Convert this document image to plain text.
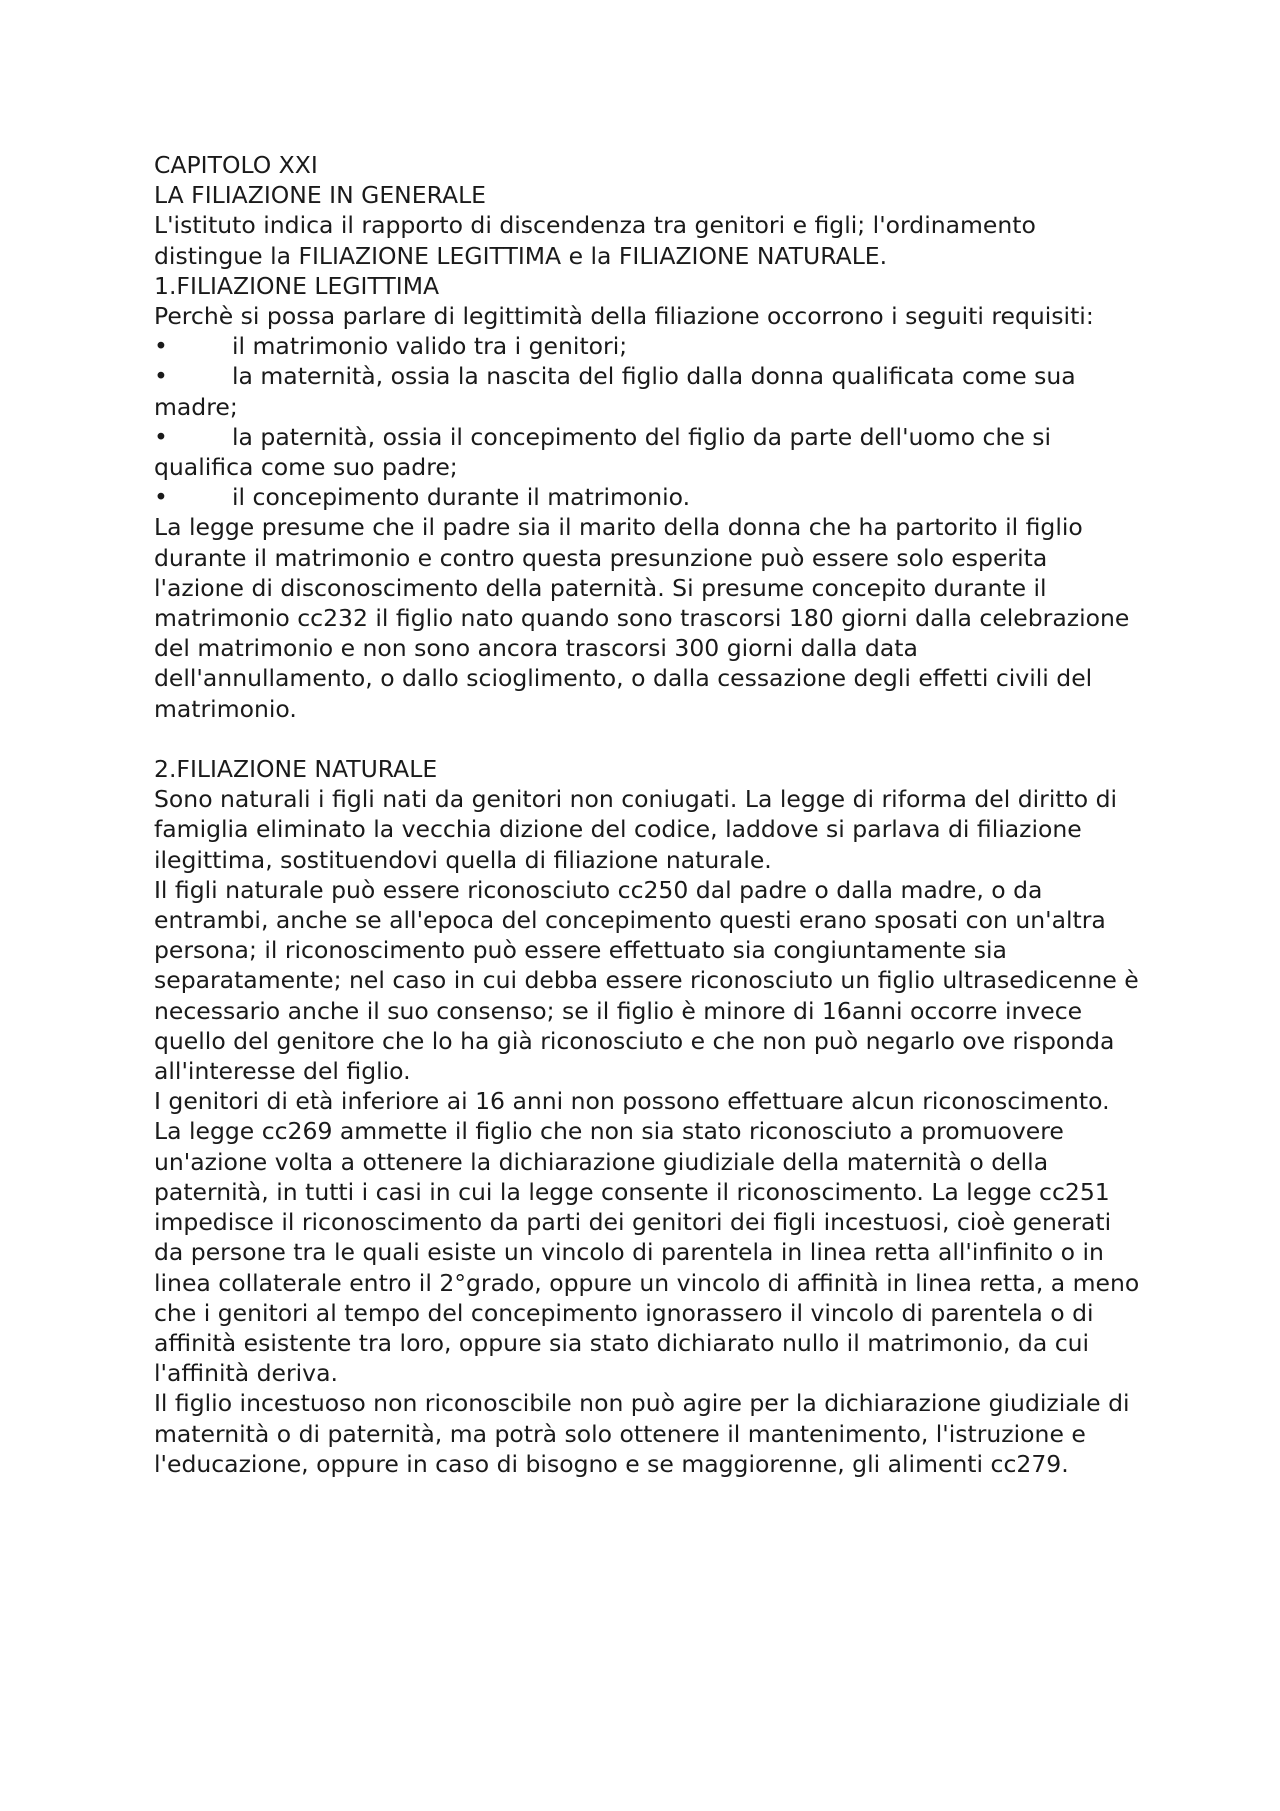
CAPITOLO XXI
LA FILIAZIONE IN GENERALE

L'istituto indica il rapporto di discendenza tra genitori e figli; l'ordinamento distingue la FILIAZIONE LEGITTIMA e la FILIAZIONE NATURALE.

1.FILIAZIONE LEGITTIMA

Perchè si possa parlare di legittimità della filiazione occorrono i seguiti requisiti:

•	il matrimonio valido tra i genitori;
•	la maternità, ossia la nascita del figlio dalla donna qualificata come sua madre;
•	la paternità, ossia il concepimento del figlio da parte dell'uomo che si qualifica come suo padre;
•	il concepimento durante il matrimonio.

La legge presume che il padre sia il marito della donna che ha partorito il figlio durante il matrimonio e contro questa presunzione può essere solo esperita l'azione di disconoscimento della paternità. Si presume concepito durante il matrimonio cc232 il figlio nato quando sono trascorsi 180 giorni dalla celebrazione del matrimonio e non sono ancora trascorsi 300 giorni dalla data dell'annullamento, o dallo scioglimento, o dalla cessazione degli effetti civili del matrimonio.

2.FILIAZIONE NATURALE

Sono naturali i figli nati da genitori non coniugati. La legge di riforma del diritto di famiglia eliminato la vecchia dizione del codice, laddove si parlava di filiazione ilegittima, sostituendovi quella di filiazione naturale.

Il figli naturale può essere riconosciuto cc250 dal padre o dalla madre, o da entrambi, anche se all'epoca del concepimento questi erano sposati con un'altra persona; il riconoscimento può essere effettuato sia congiuntamente sia separatamente; nel caso in cui debba essere riconosciuto un figlio ultrasedicenne è necessario anche il suo consenso; se il figlio è minore di 16anni occorre invece quello del genitore che lo ha già riconosciuto e che non può negarlo ove risponda all'interesse del figlio.

I genitori di età inferiore ai 16 anni non possono effettuare alcun riconoscimento.

La legge cc269 ammette il figlio che non sia stato riconosciuto a promuovere un'azione volta a ottenere la dichiarazione giudiziale della maternità o della paternità, in tutti i casi in cui la legge consente il riconoscimento. La legge cc251 impedisce il riconoscimento da parti dei genitori dei figli incestuosi, cioè generati da persone tra le quali esiste un vincolo di parentela in linea retta all'infinito o in linea collaterale entro il 2°grado, oppure un vincolo di affinità in linea retta, a meno che i genitori al tempo del concepimento ignorassero il vincolo di parentela o di affinità esistente tra loro, oppure sia stato dichiarato nullo il matrimonio, da cui l'affinità deriva.

Il figlio incestuoso non riconoscibile non può agire per la dichiarazione giudiziale di maternità o di paternità, ma potrà solo ottenere il mantenimento, l'istruzione e l'educazione, oppure in caso di bisogno e se maggiorenne, gli alimenti cc279.
